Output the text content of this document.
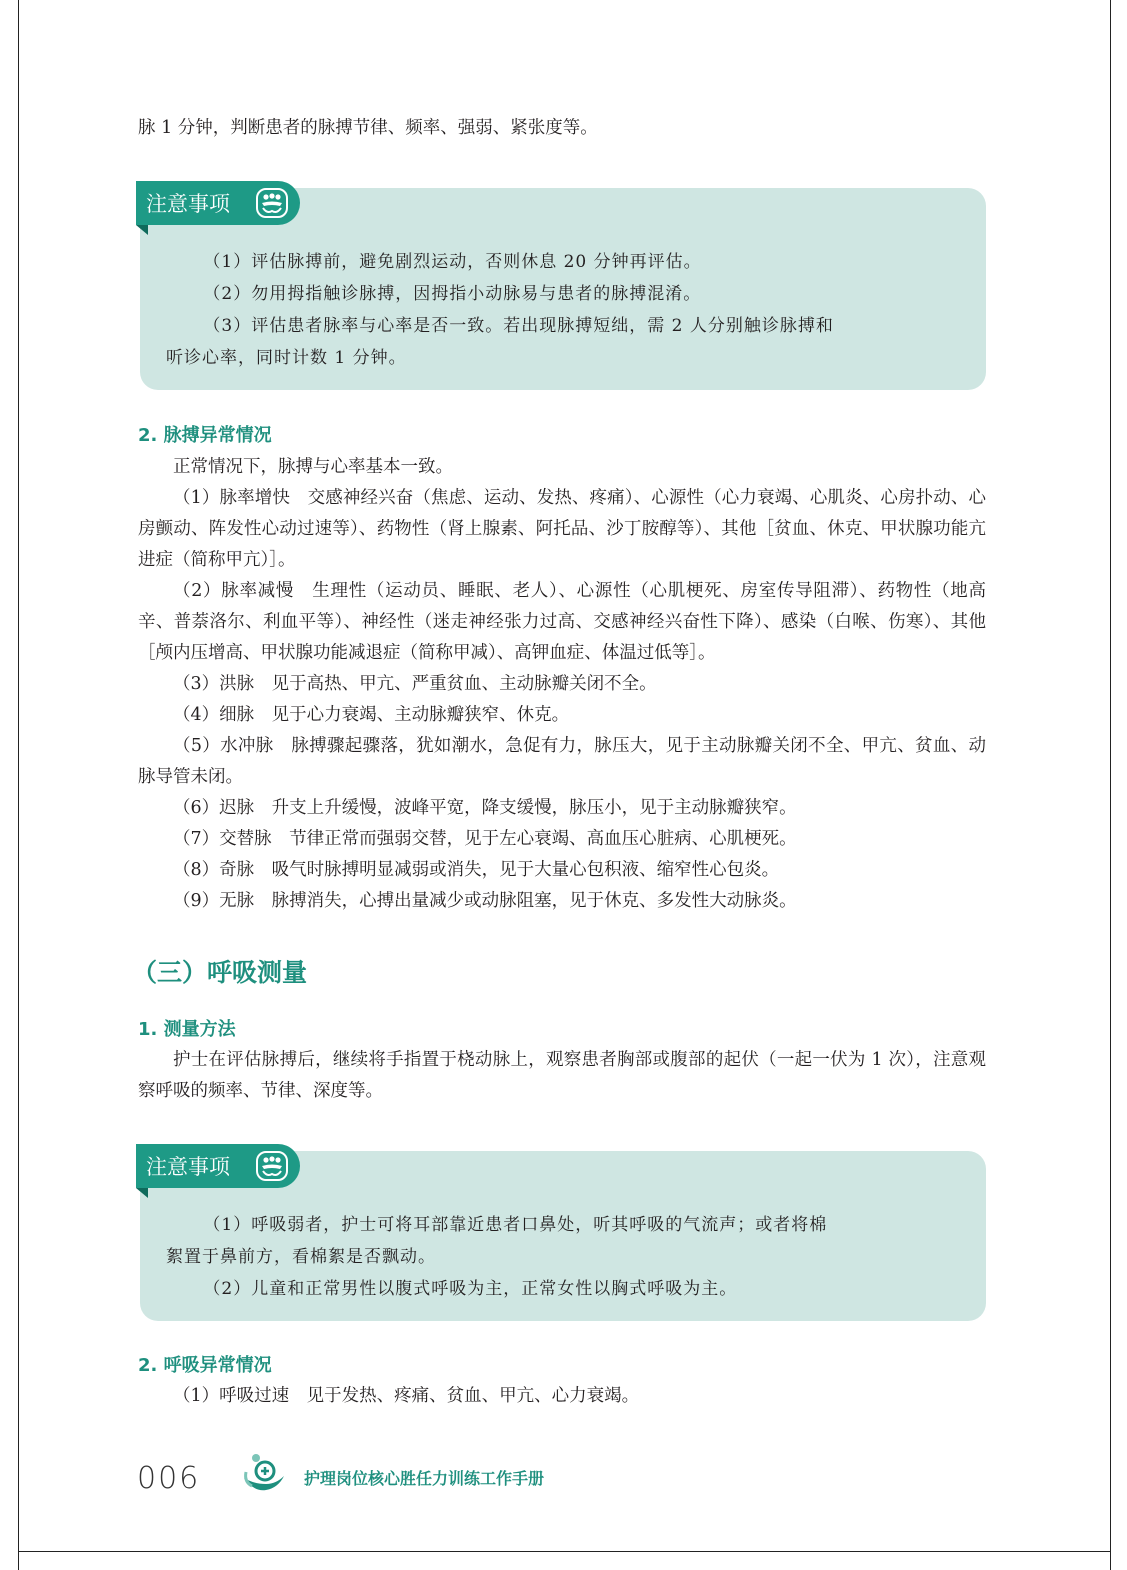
脉 1 分钟，判断患者的脉搏节律、频率、强弱、紧张度等。

注意事项

（1）评估脉搏前，避免剧烈运动，否则休息 20 分钟再评估。

（2）勿用拇指触诊脉搏，因拇指小动脉易与患者的脉搏混淆。

（3）评估患者脉率与心率是否一致。若出现脉搏短绌，需 2 人分别触诊脉搏和

听诊心率，同时计数 1 分钟。

2. 脉搏异常情况

正常情况下，脉搏与心率基本一致。

（1）脉率增快　交感神经兴奋（焦虑、运动、发热、疼痛）、心源性（心力衰竭、心肌炎、心房扑动、心房颤动、阵发性心动过速等）、药物性（肾上腺素、阿托品、沙丁胺醇等）、其他［贫血、休克、甲状腺功能亢进症（简称甲亢）］。

（2）脉率减慢　生理性（运动员、睡眠、老人）、心源性（心肌梗死、房室传导阻滞）、药物性（地高辛、普萘洛尔、利血平等）、神经性（迷走神经张力过高、交感神经兴奋性下降）、感染（白喉、伤寒）、其他［颅内压增高、甲状腺功能减退症（简称甲减）、高钾血症、体温过低等］。

（3）洪脉　见于高热、甲亢、严重贫血、主动脉瓣关闭不全。

（4）细脉　见于心力衰竭、主动脉瓣狭窄、休克。

（5）水冲脉　脉搏骤起骤落，犹如潮水，急促有力，脉压大，见于主动脉瓣关闭不全、甲亢、贫血、动脉导管未闭。

（6）迟脉　升支上升缓慢，波峰平宽，降支缓慢，脉压小，见于主动脉瓣狭窄。

（7）交替脉　节律正常而强弱交替，见于左心衰竭、高血压心脏病、心肌梗死。

（8）奇脉　吸气时脉搏明显减弱或消失，见于大量心包积液、缩窄性心包炎。

（9）无脉　脉搏消失，心搏出量减少或动脉阻塞，见于休克、多发性大动脉炎。

（三）呼吸测量
1. 测量方法

护士在评估脉搏后，继续将手指置于桡动脉上，观察患者胸部或腹部的起伏（一起一伏为 1 次），注意观察呼吸的频率、节律、深度等。

注意事项

（1）呼吸弱者，护士可将耳部靠近患者口鼻处，听其呼吸的气流声；或者将棉

絮置于鼻前方，看棉絮是否飘动。

（2）儿童和正常男性以腹式呼吸为主，正常女性以胸式呼吸为主。

2. 呼吸异常情况

（1）呼吸过速　见于发热、疼痛、贫血、甲亢、心力衰竭。

006	护理岗位核心胜任力训练工作手册
